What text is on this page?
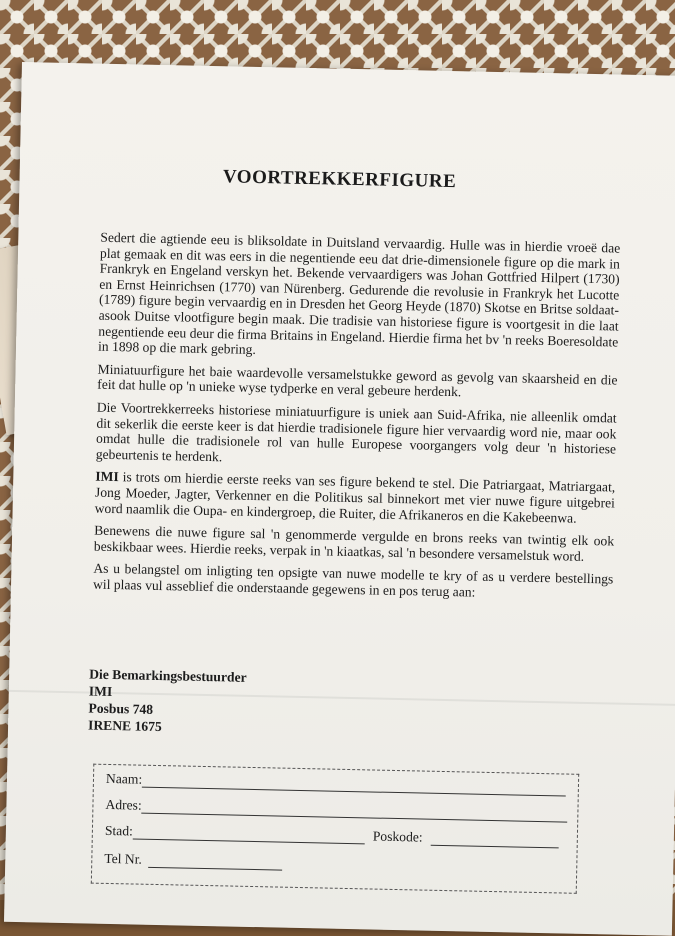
VOORTREKKERFIGURE

Sedert die agtiende eeu is bliksoldate in Duitsland vervaardig. Hulle was in hierdie vroeë dae plat gemaak en dit was eers in die negentiende eeu dat drie-dimensionele figure op die mark in Frankryk en Engeland verskyn het. Bekende vervaardigers was Johan Gottfried Hilpert (1730) en Ernst Heinrichsen (1770) van Nürenberg. Gedurende die revolusie in Frankryk het Lucotte (1789) figure begin vervaardig en in Dresden het Georg Heyde (1870) Skotse en Britse soldaat- asook Duitse vlootfigure begin maak. Die tradisie van historiese figure is voortgesit in die laat negentiende eeu deur die firma Britains in Engeland. Hierdie firma het bv 'n reeks Boeresoldate in 1898 op die mark gebring.

Miniatuurfigure het baie waardevolle versamelstukke geword as gevolg van skaarsheid en die feit dat hulle op 'n unieke wyse tydperke en veral gebeure herdenk.

Die Voortrekkerreeks historiese miniatuurfigure is uniek aan Suid-Afrika, nie alleenlik omdat dit sekerlik die eerste keer is dat hierdie tradisionele figure hier vervaardig word nie, maar ook omdat hulle die tradisionele rol van hulle Europese voorgangers volg deur 'n historiese gebeurtenis te herdenk.

IMI is trots om hierdie eerste reeks van ses figure bekend te stel. Die Patriargaat, Matriargaat, Jong Moeder, Jagter, Verkenner en die Politikus sal binnekort met vier nuwe figure uitgebrei word naamlik die Oupa- en kindergroep, die Ruiter, die Afrikaneros en die Kakebeenwa.

Benewens die nuwe figure sal 'n genommerde vergulde en brons reeks van twintig elk ook beskikbaar wees. Hierdie reeks, verpak in 'n kiaatkas, sal 'n besondere versamelstuk word.

As u belangstel om inligting ten opsigte van nuwe modelle te kry of as u verdere bestellings wil plaas vul asseblief die onderstaande gegewens in en pos terug aan:

Die Bemarkingsbestuurder
IMI
Posbus 748
IRENE 1675
Naam:
Adres:
Stad:	Poskode:
Tel Nr.
